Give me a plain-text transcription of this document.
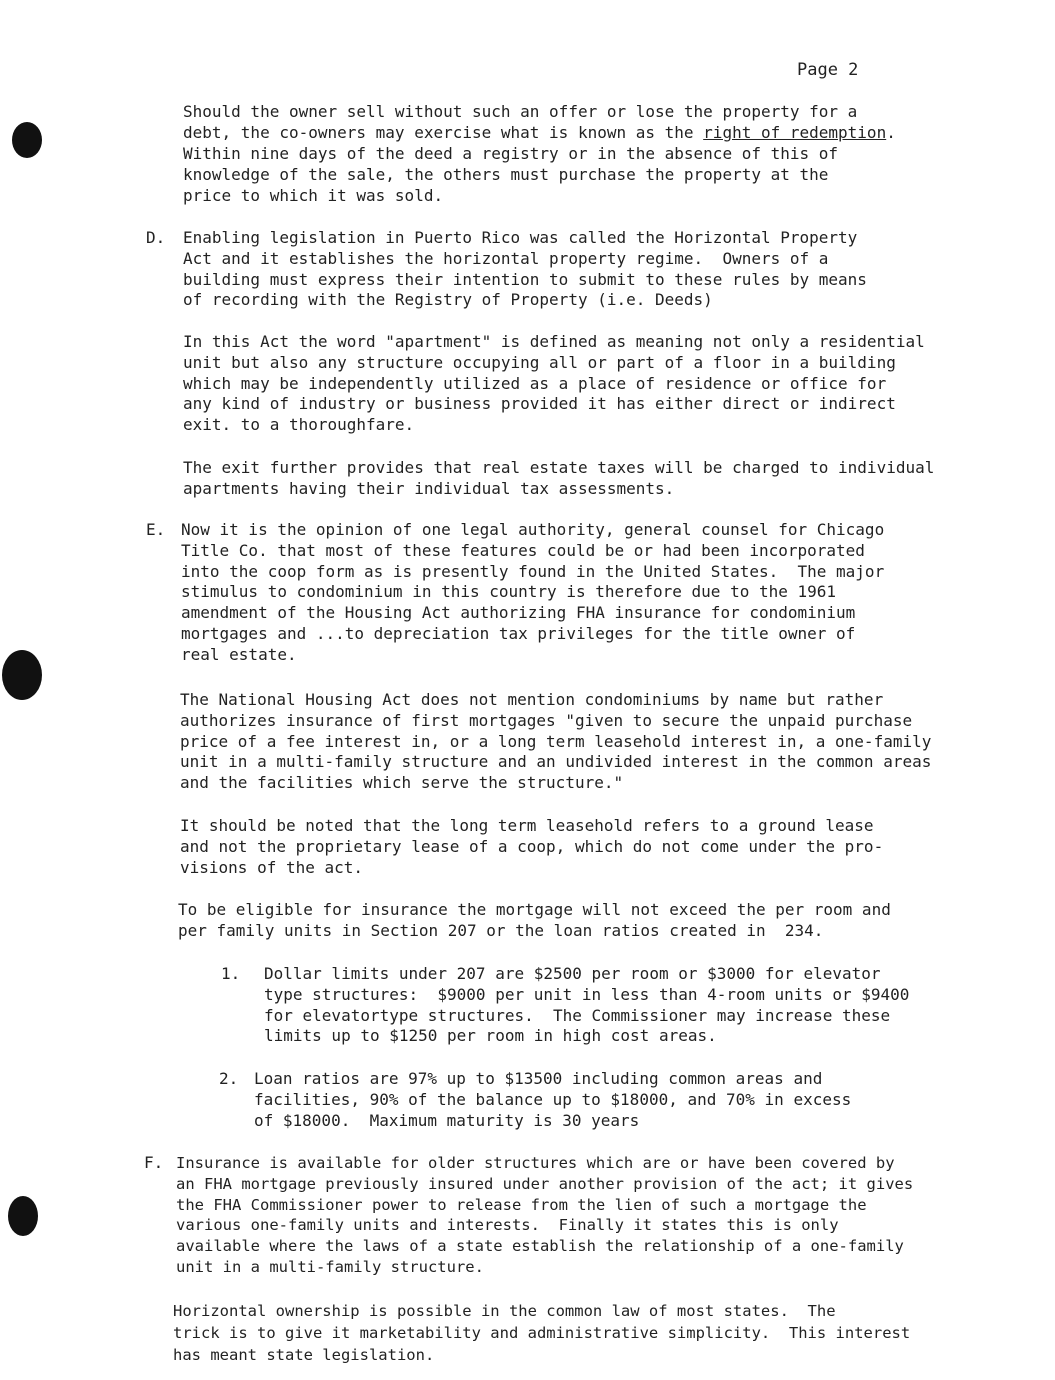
Page 2
Should the owner sell without such an offer or lose the property for a
debt, the co-owners may exercise what is known as the right of redemption.
Within nine days of the deed a registry or in the absence of this of
knowledge of the sale, the others must purchase the property at the
price to which it was sold.
D. Enabling legislation in Puerto Rico was called the Horizontal Property
Act and it establishes the horizontal property regime.  Owners of a
building must express their intention to submit to these rules by means
of recording with the Registry of Property (i.e. Deeds)
In this Act the word "apartment" is defined as meaning not only a residential
unit but also any structure occupying all or part of a floor in a building
which may be independently utilized as a place of residence or office for
any kind of industry or business provided it has either direct or indirect
exit. to a thoroughfare.
The exit further provides that real estate taxes will be charged to individual
apartments having their individual tax assessments.
E. Now it is the opinion of one legal authority, general counsel for Chicago
Title Co. that most of these features could be or had been incorporated
into the coop form as is presently found in the United States.  The major
stimulus to condominium in this country is therefore due to the 1961
amendment of the Housing Act authorizing FHA insurance for condominium
mortgages and ...to depreciation tax privileges for the title owner of
real estate.
The National Housing Act does not mention condominiums by name but rather
authorizes insurance of first mortgages "given to secure the unpaid purchase
price of a fee interest in, or a long term leasehold interest in, a one-family
unit in a multi-family structure and an undivided interest in the common areas
and the facilities which serve the structure."
It should be noted that the long term leasehold refers to a ground lease
and not the proprietary lease of a coop, which do not come under the pro-
visions of the act.
To be eligible for insurance the mortgage will not exceed the per room and
per family units in Section 207 or the loan ratios created in  234.
1. Dollar limits under 207 are $2500 per room or $3000 for elevator
type structures:  $9000 per unit in less than 4-room units or $9400
for elevatortype structures.  The Commissioner may increase these
limits up to $1250 per room in high cost areas.
2. Loan ratios are 97% up to $13500 including common areas and
facilities, 90% of the balance up to $18000, and 70% in excess
of $18000.  Maximum maturity is 30 years
F. Insurance is available for older structures which are or have been covered by
an FHA mortgage previously insured under another provision of the act; it gives
the FHA Commissioner power to release from the lien of such a mortgage the
various one-family units and interests.  Finally it states this is only
available where the laws of a state establish the relationship of a one-family
unit in a multi-family structure.
Horizontal ownership is possible in the common law of most states.  The
trick is to give it marketability and administrative simplicity.  This interest
has meant state legislation.
